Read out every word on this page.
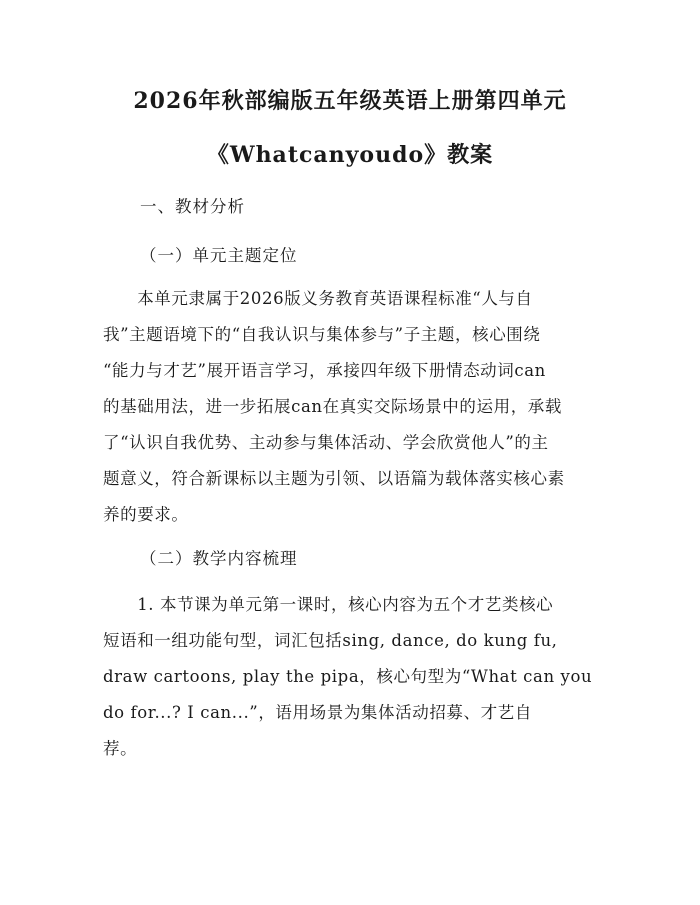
2026年秋部编版五年级英语上册第四单元
《Whatcanyoudo》教案
一、教材分析
（一）单元主题定位
　　本单元隶属于2026版义务教育英语课程标准“人与自
我”主题语境下的“自我认识与集体参与”子主题，核心围绕
“能力与才艺”展开语言学习，承接四年级下册情态动词can
的基础用法，进一步拓展can在真实交际场景中的运用，承载
了“认识自我优势、主动参与集体活动、学会欣赏他人”的主
题意义，符合新课标以主题为引领、以语篇为载体落实核心素
养的要求。
（二）教学内容梳理
　　1. 本节课为单元第一课时，核心内容为五个才艺类核心
短语和一组功能句型，词汇包括sing, dance, do kung fu,
draw cartoons, play the pipa，核心句型为“What can you
do for...? I can...”，语用场景为集体活动招募、才艺自
荐。
